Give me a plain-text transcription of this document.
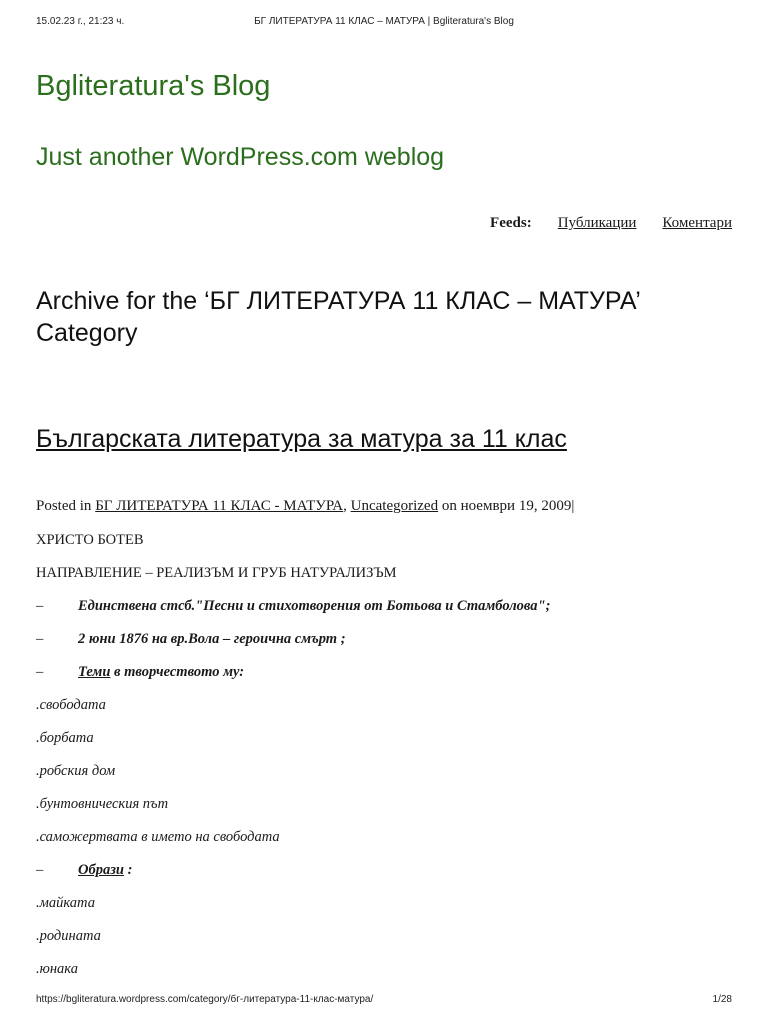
15.02.23 г., 21:23 ч.	БГ ЛИТЕРАТУРА 11 КЛАС – МАТУРА | Bgliteratura's Blog
Bgliteratura's Blog
Just another WordPress.com weblog
Feeds: Публикации Коментари
Archive for the ‘БГ ЛИТЕРАТУРА 11 КЛАС – МАТУРА’ Category
Българската литература за матура за 11 клас
Posted in БГ ЛИТЕРАТУРА 11 КЛАС - МАТУРА, Uncategorized on ноември 19, 2009|
ХРИСТО БОТЕВ
НАПРАВЛЕНИЕ – РЕАЛИЗЪМ И ГРУБ НАТУРАЛИЗЪМ
– Единствена стсб."Песни и стихотворения от Ботьова и Стамболова";
– 2 юни 1876 на вр.Вола – героична смърт ;
– Теми в творчеството му:
.свободата
.борбата
.робския дом
.бунтовническия път
.саможертвата в името на свободата
– Образи :
.майката
.родината
.юнака
https://bgliteratura.wordpress.com/category/бг-литература-11-клас-матура/	1/28
